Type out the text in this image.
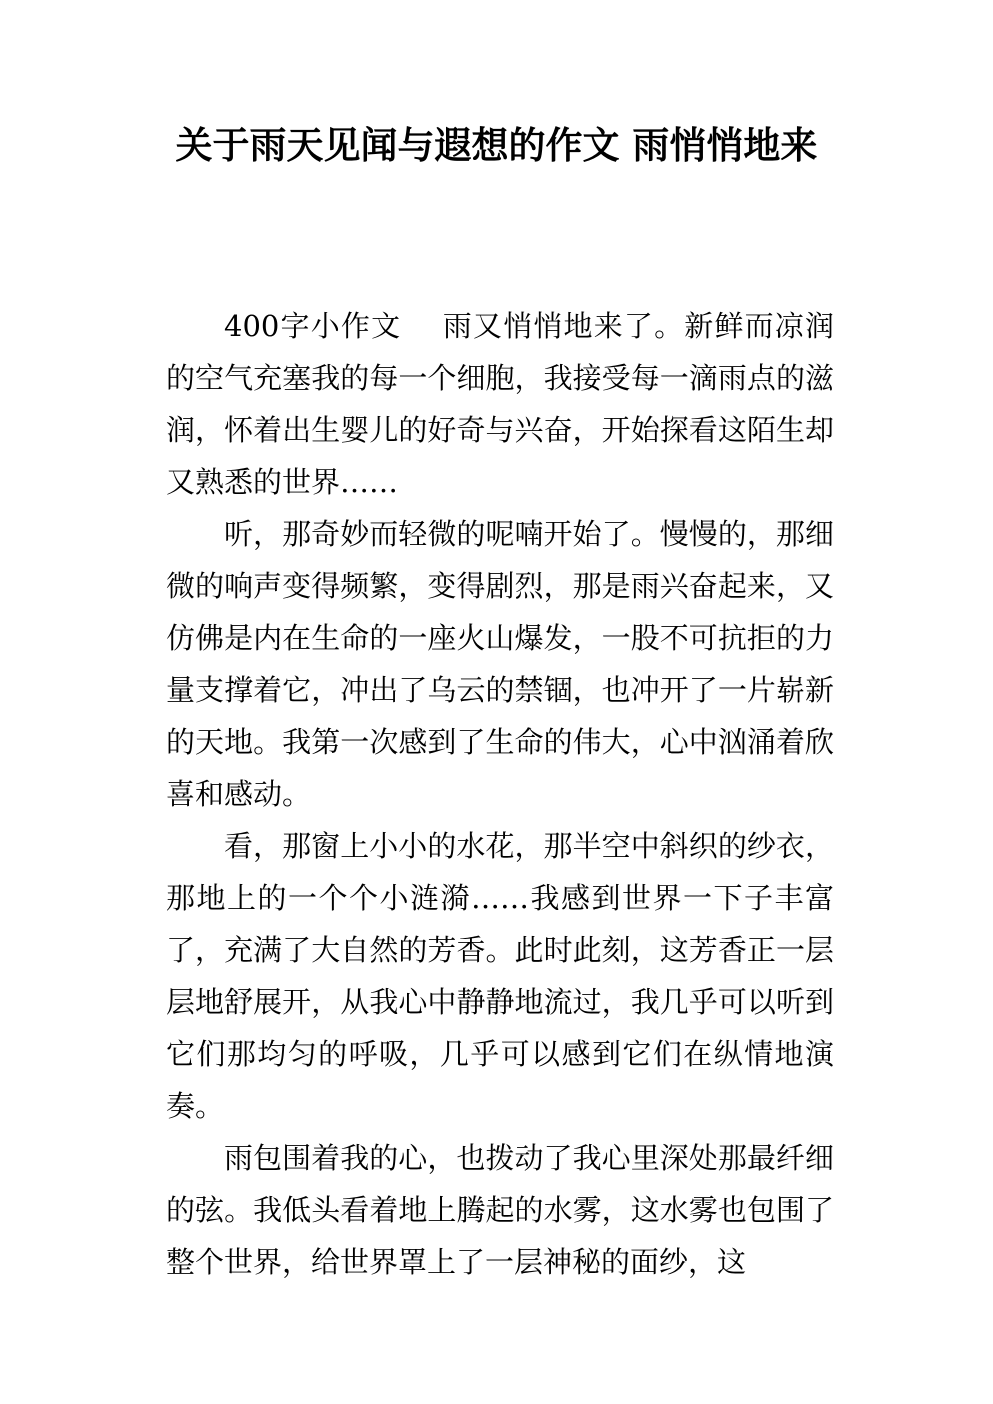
关于雨天见闻与遐想的作文 雨悄悄地来

400字小作文    雨又悄悄地来了。新鲜而凉润的空气充塞我的每一个细胞，我接受每一滴雨点的滋润，怀着出生婴儿的好奇与兴奋，开始探看这陌生却又熟悉的世界……

听，那奇妙而轻微的呢喃开始了。慢慢的，那细微的响声变得频繁，变得剧烈，那是雨兴奋起来，又仿佛是内在生命的一座火山爆发，一股不可抗拒的力量支撑着它，冲出了乌云的禁锢，也冲开了一片崭新的天地。我第一次感到了生命的伟大，心中汹涌着欣喜和感动。

看，那窗上小小的水花，那半空中斜织的纱衣，那地上的一个个小涟漪……我感到世界一下子丰富了，充满了大自然的芳香。此时此刻，这芳香正一层层地舒展开，从我心中静静地流过，我几乎可以听到它们那均匀的呼吸，几乎可以感到它们在纵情地演奏。

雨包围着我的心，也拨动了我心里深处那最纤细的弦。我低头看着地上腾起的水雾，这水雾也包围了整个世界，给世界罩上了一层神秘的面纱，这
